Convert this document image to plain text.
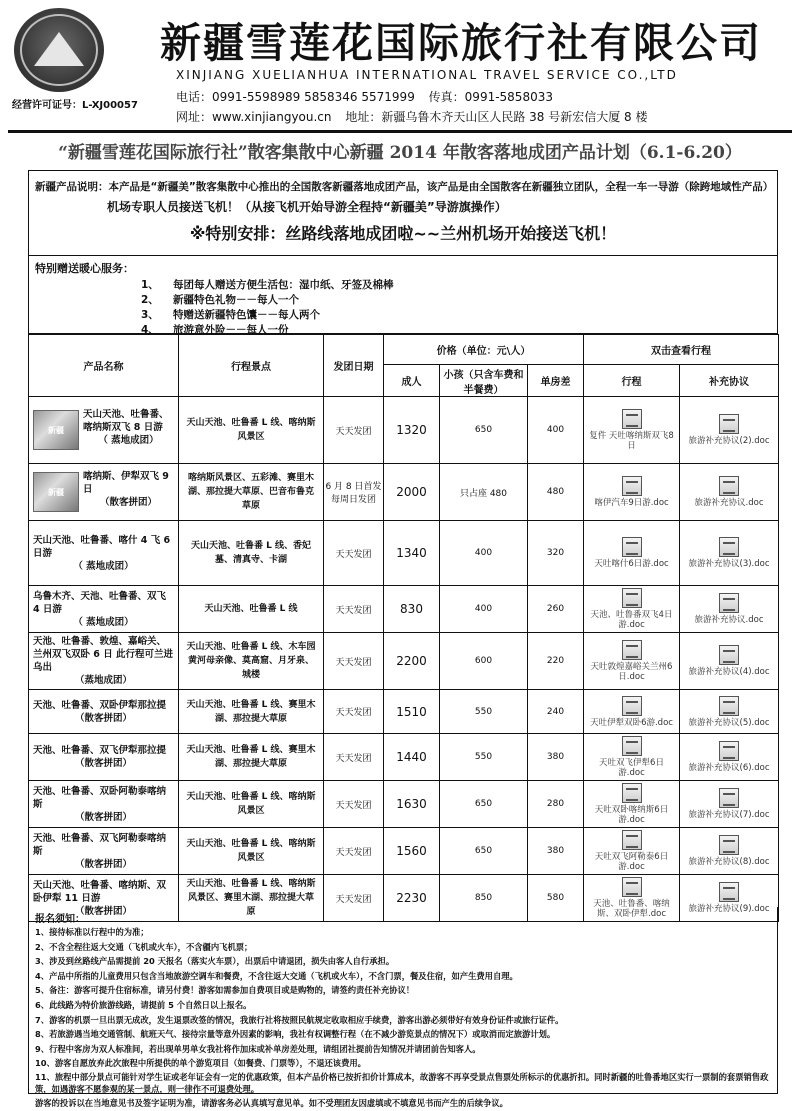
经营许可证号：L-XJ00057
新疆雪莲花国际旅行社有限公司
XINJIANG XUELIANHUA INTERNATIONAL TRAVEL SERVICE CO.,LTD
电话：0991-5598989 5858346 5571999 传真：0991-5858033
网址：www.xinjiangyou.cn 地址：新疆乌鲁木齐天山区人民路 38 号新宏信大厦 8 楼
“新疆雪莲花国际旅行社”散客集散中心新疆 2014 年散客落地成团产品计划（6.1-6.20）
新疆产品说明：本产品是“新疆美”散客集散中心推出的全国散客新疆落地成团产品，该产品是由全国散客在新疆独立团队，全程一车一导游（除跨地域性产品）
机场专职人员接送飞机！（从接飞机开始导游全程持“新疆美”导游旗操作）
※特别安排：丝路线落地成团啦~~兰州机场开始接送飞机！
特别赠送暖心服务：
1、 每团每人赠送方便生活包：湿巾纸、牙签及棉棒
2、 新疆特色礼物－－每人一个
3、 特赠送新疆特色馕－－每人两个
4、 旅游意外险－－每人一份
产品名称	行程景点	发团日期	价格（单位：元\人）			双击查看行程	
			成人	小孩（只含车费和半餐费）	单房差	行程	补充协议

新疆
天山天池、吐鲁番、喀纳斯双飞 8 日游
（ 蒸地成团）	天山天池、吐鲁番 L 线、喀纳斯风景区	天天发团	1320	650	400	复件 天吐喀纳斯双飞8日	旅游补充协议(2).doc

新疆
喀纳斯、伊犁双飞 9 日
（散客拼团）	喀纳斯风景区、五彩滩、赛里木湖、那拉提大草原、巴音布鲁克草原	6 月 8 日首发 每周日发团	2000	只占座 480	480	喀伊汽车9日游.doc	旅游补充协议.doc

天山天池、吐鲁番、喀什 4 飞 6 日游
（ 蒸地成团）	天山天池、吐鲁番 L 线、香妃墓、清真寺、卡湖	天天发团	1340	400	320	天吐喀什6日游.doc	旅游补充协议(3).doc

乌鲁木齐、天池、吐鲁番、双飞 4 日游
（ 蒸地成团）	天山天池、吐鲁番 L 线	天天发团	830	400	260	天池、吐鲁番双飞4日游.doc	旅游补充协议.doc

天池、吐鲁番、敦煌、嘉峪关、兰州双飞双卧 6 日 此行程可兰进乌出
（蒸地成团）	天山天池、吐鲁番 L 线、木车园 黄河母亲像、莫高窟、月牙泉、城楼	天天发团	2200	600	220	天吐敦煌嘉峪关兰州6日.doc	旅游补充协议(4).doc

天池、吐鲁番、双卧伊犁那拉提
（散客拼团）	天山天池、吐鲁番 L 线、赛里木湖、那拉提大草原	天天发团	1510	550	240	天吐伊犁双卧6游.doc	旅游补充协议(5).doc

天池、吐鲁番、双飞伊犁那拉提
（散客拼团）	天山天池、吐鲁番 L 线、赛里木湖、那拉提大草原	天天发团	1440	550	380	天吐双飞伊犁6日游.doc	旅游补充协议(6).doc

天池、吐鲁番、双卧阿勒泰喀纳斯
（散客拼团）	天山天池、吐鲁番 L 线、喀纳斯风景区	天天发团	1630	650	280	天吐双卧喀纳斯6日游.doc	旅游补充协议(7).doc

天池、吐鲁番、双飞阿勒泰喀纳斯
（散客拼团）	天山天池、吐鲁番 L 线、喀纳斯风景区	天天发团	1560	650	380	天吐双飞阿勒泰6日游.doc	旅游补充协议(8).doc

天山天池、吐鲁番、喀纳斯、双卧伊犁 11 日游
（散客拼团）	天山天池、吐鲁番 L 线、喀纳斯风景区、赛里木湖、那拉提大草原	天天发团	2230	850	580	天池、吐鲁番、喀纳斯、双卧伊犁.doc	旅游补充协议(9).doc
报名须知：
1、接待标准以行程中的为准；
2、不含全程往返大交通（飞机或火车），不含疆内飞机票；
3、涉及到丝路线产品需提前 20 天报名（落实火车票），出票后中请退团，损失由客人自行承担。
4、产品中所指的儿童费用只包含当地旅游空调车和餐费，不含往返大交通（飞机或火车），不含门票，餐及住宿，如产生费用自理。
5、备注：游客可提升住宿标准，请另付费！游客如需参加自费项目或是购物的，请签约责任补充协议！
6、此线路为特价旅游线路，请提前 5 个自然日以上报名。
7、游客的机票一旦出票无成改，发生退票改签的情况，我旅行社将按照民航规定收取相应手续费，游客出游必须带好有效身份证件或旅行证件。
8、若旅游遇当地交通管制、航班天气、接待宗量等意外因素的影响，我社有权调整行程（在不减少游览景点的情况下）或取消而定旅游计划。
9、行程中客房为双人标准间，若出现单男单女我社将作加床或补单房差处理，请组团社提前告知情况并请团前告知客人。
10、游客自愿放弃此次旅程中所提供的单个游览项目（如餐费、门票等），不退还该费用。
11、旅程中部分景点可能针对学生证或老年证会有一定的优惠政策，但本产品价格已按折扣价计算成本，故游客不再享受景点售票处所标示的优惠折扣。同时新疆的吐鲁番地区实行一票制的套票销售政策，如遇游客不愿参观的某一景点，则一律作不可退费处理。
游客的投诉以在当地意见书及签字证明为准，请游客务必认真填写意见单。如不受理团友因虚填或不填意见书而产生的后续争议。
